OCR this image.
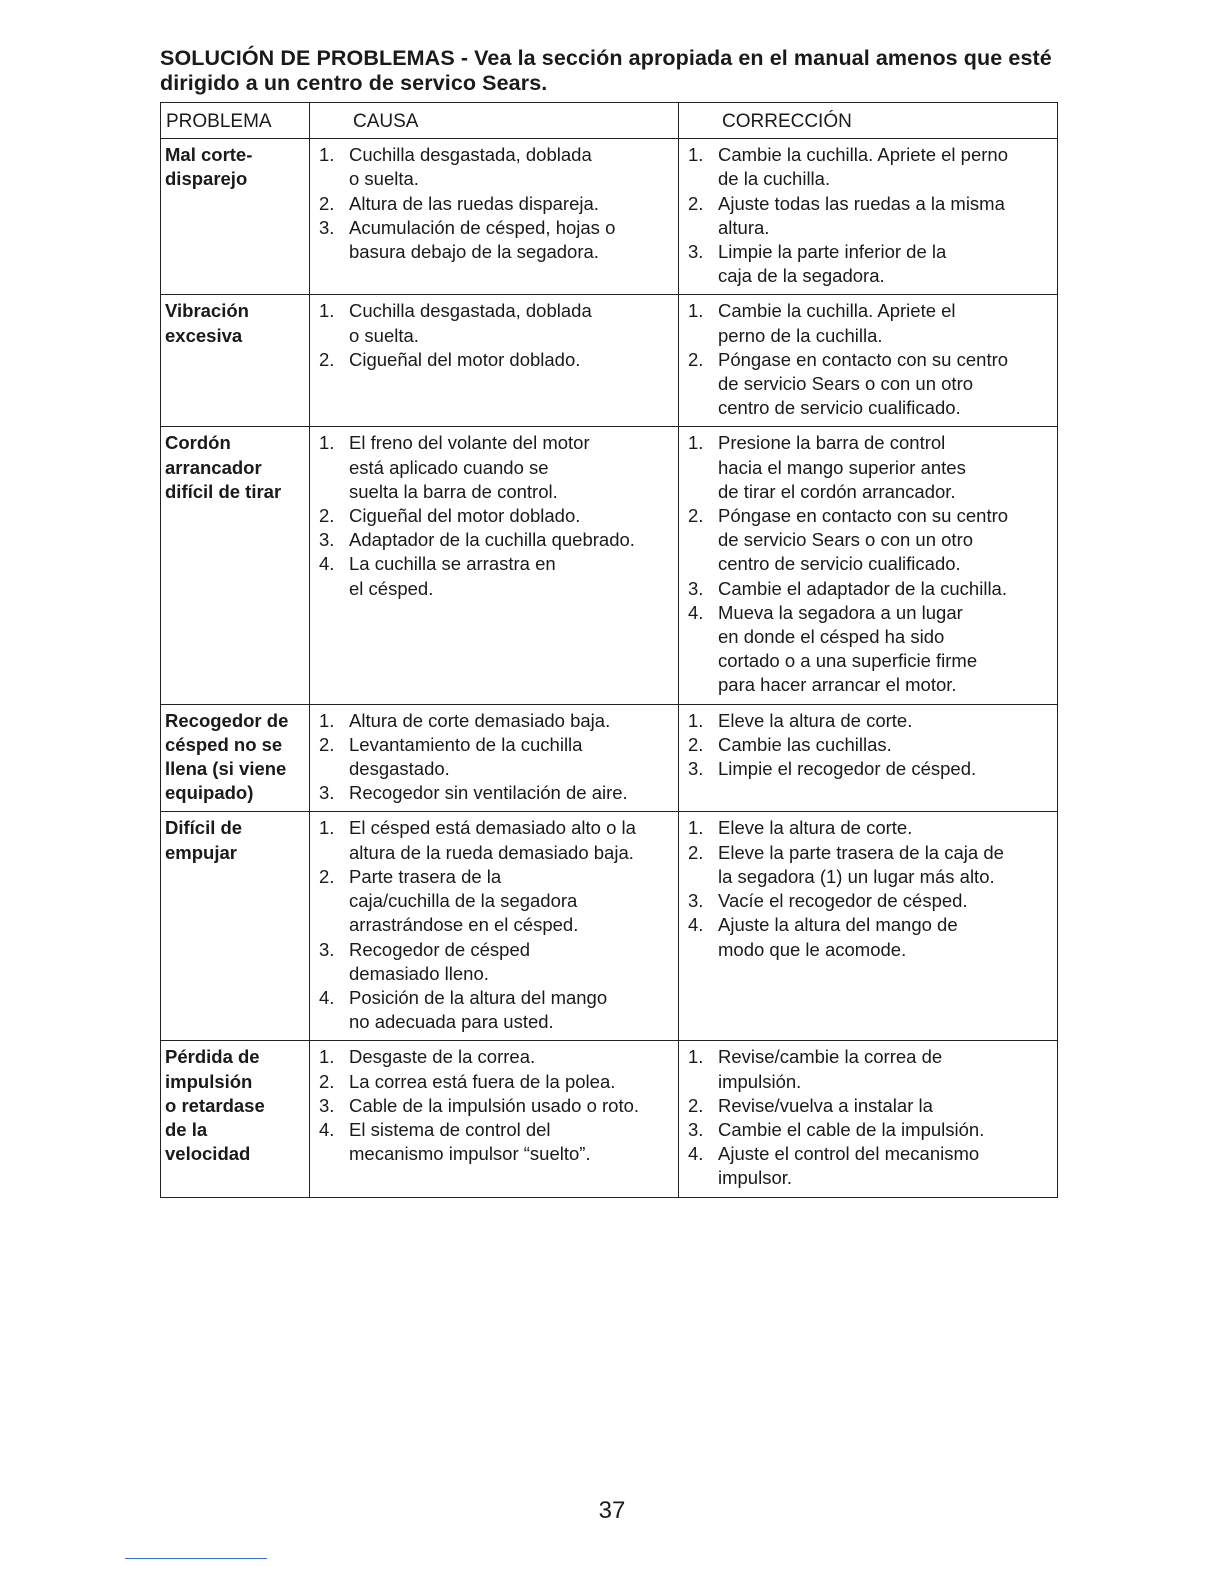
SOLUCIÓN DE PROBLEMAS - Vea la sección apropiada en el manual amenos que esté dirigido a un centro de servico Sears.
PROBLEMA	CAUSA	CORRECCIÓN
Mal corte-
disparejo
1. Cuchilla desgastada, doblada
o suelta.
2. Altura de las ruedas dispareja.
3. Acumulación de césped, hojas o
basura debajo de la segadora.
1. Cambie la cuchilla. Apriete el perno
de la cuchilla.
2. Ajuste todas las ruedas a la misma
altura.
3. Limpie la parte inferior de la
caja de la segadora.
Vibración
excesiva
1. Cuchilla desgastada, doblada
o suelta.
2. Cigueñal del motor doblado.
1. Cambie la cuchilla. Apriete el
perno de la cuchilla.
2. Póngase en contacto con su centro
de servicio Sears o con un otro
centro de servicio cualificado.
Cordón
arrancador
difícil de tirar
1. El freno del volante del motor
está aplicado cuando se
suelta la barra de control.
2. Cigueñal del motor doblado.
3. Adaptador de la cuchilla quebrado.
4. La cuchilla se arrastra en
el césped.
1. Presione la barra de control
hacia el mango superior antes
de tirar el cordón arrancador.
2. Póngase en contacto con su centro
de servicio Sears o con un otro
centro de servicio cualificado.
3. Cambie el adaptador de la cuchilla.
4. Mueva la segadora a un lugar
en donde el césped ha sido
cortado o a una superficie firme
para hacer arrancar el motor.
Recogedor de
césped no se
llena (si viene
equipado)
1. Altura de corte demasiado baja.
2. Levantamiento de la cuchilla
desgastado.
3. Recogedor sin ventilación de aire.
1. Eleve la altura de corte.
2. Cambie las cuchillas.
3. Limpie el recogedor de césped.
Difícil de
empujar
1. El césped está demasiado alto o la
altura de la rueda demasiado baja.
2. Parte trasera de la
caja/cuchilla de la segadora
arrastrándose en el césped.
3. Recogedor de césped
demasiado lleno.
4. Posición de la altura del mango
no adecuada para usted.
1. Eleve la altura de corte.
2. Eleve la parte trasera de la caja de
la segadora (1) un lugar más alto.
3. Vacíe el recogedor de césped.
4. Ajuste la altura del mango de
modo que le acomode.
Pérdida de
impulsión
o retardase
de la
velocidad
1. Desgaste de la correa.
2. La correa está fuera de la polea.
3. Cable de la impulsión usado o roto.
4. El sistema de control del
mecanismo impulsor “suelto”.
1. Revise/cambie la correa de
impulsión.
2. Revise/vuelva a instalar la
3. Cambie el cable de la impulsión.
4. Ajuste el control del mecanismo
impulsor.
37
